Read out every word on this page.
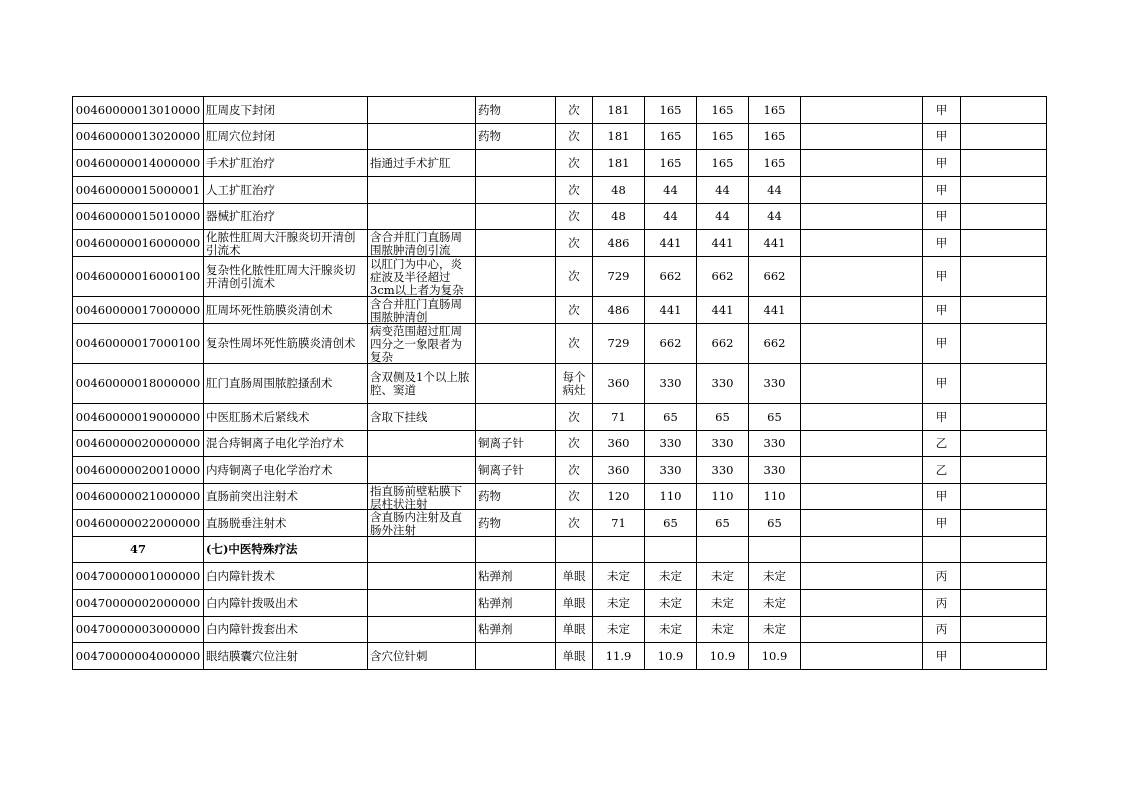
00460000013010000	肛周皮下封闭		药物	次	181	165	165	165		甲	

00460000013020000	肛周穴位封闭		药物	次	181	165	165	165		甲	

00460000014000000	手术扩肛治疗	指通过手术扩肛		次	181	165	165	165		甲	

00460000015000001	人工扩肛治疗			次	48	44	44	44		甲	

00460000015010000	器械扩肛治疗			次	48	44	44	44		甲	

00460000016000000	化脓性肛周大汗腺炎切开清创引流术	含合并肛门直肠周围脓肿清创引流		次	486	441	441	441		甲	

00460000016000100	复杂性化脓性肛周大汗腺炎切开清创引流术	以肛门为中心，炎症波及半径超过3cm以上者为复杂		次	729	662	662	662		甲	

00460000017000000	肛周坏死性筋膜炎清创术	含合并肛门直肠周围脓肿清创		次	486	441	441	441		甲	

00460000017000100	复杂性周坏死性筋膜炎清创术	病变范围超过肛周四分之一象限者为复杂		次	729	662	662	662		甲	

00460000018000000	肛门直肠周围脓腔搔刮术	含双侧及1个以上脓腔、窦道		每个病灶	360	330	330	330		甲	

00460000019000000	中医肛肠术后紧线术	含取下挂线		次	71	65	65	65		甲	

00460000020000000	混合痔铜离子电化学治疗术		铜离子针	次	360	330	330	330		乙	

00460000020010000	内痔铜离子电化学治疗术		铜离子针	次	360	330	330	330		乙	

00460000021000000	直肠前突出注射术	指直肠前壁粘膜下层柱状注射	药物	次	120	110	110	110		甲	

00460000022000000	直肠脱垂注射术	含直肠内注射及直肠外注射	药物	次	71	65	65	65		甲	

47	(七)中医特殊疗法										

00470000001000000	白内障针拨术		粘弹剂	单眼	未定	未定	未定	未定		丙	

00470000002000000	白内障针拨吸出术		粘弹剂	单眼	未定	未定	未定	未定		丙	

00470000003000000	白内障针拨套出术		粘弹剂	单眼	未定	未定	未定	未定		丙	

00470000004000000	眼结膜囊穴位注射	含穴位针刺		单眼	11.9	10.9	10.9	10.9		甲	
